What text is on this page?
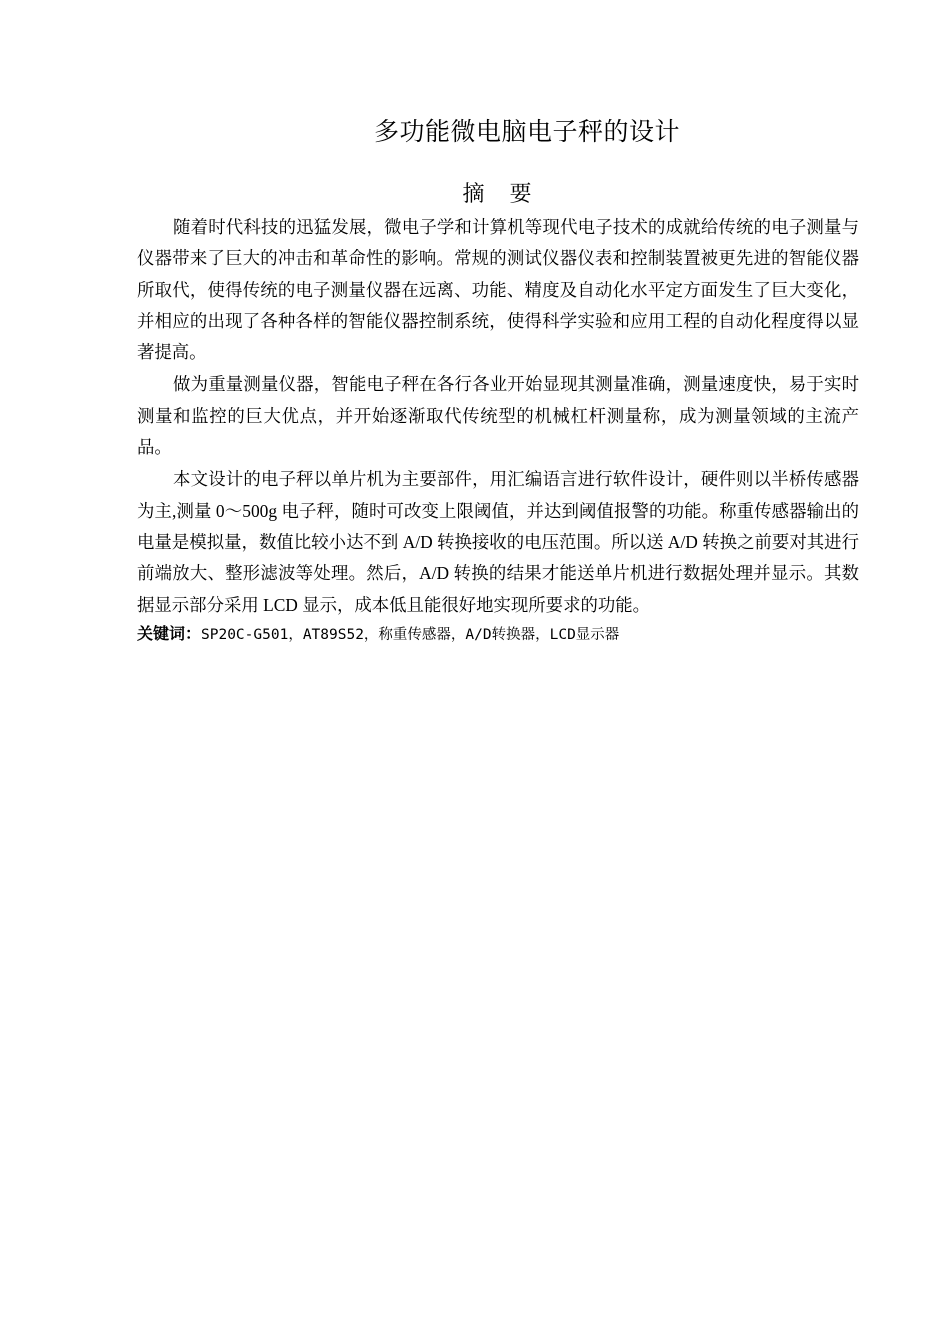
多功能微电脑电子秤的设计
摘 要

随着时代科技的迅猛发展，微电子学和计算机等现代电子技术的成就给传统的电子测量与仪器带来了巨大的冲击和革命性的影响。常规的测试仪器仪表和控制装置被更先进的智能仪器所取代，使得传统的电子测量仪器在远离、功能、精度及自动化水平定方面发生了巨大变化，并相应的出现了各种各样的智能仪器控制系统，使得科学实验和应用工程的自动化程度得以显著提高。

做为重量测量仪器，智能电子秤在各行各业开始显现其测量准确，测量速度快，易于实时测量和监控的巨大优点，并开始逐渐取代传统型的机械杠杆测量称，成为测量领域的主流产品。

本文设计的电子秤以单片机为主要部件，用汇编语言进行软件设计，硬件则以半桥传感器为主,测量 0～500g 电子秤，随时可改变上限阈值，并达到阈值报警的功能。称重传感器输出的电量是模拟量，数值比较小达不到 A/D 转换接收的电压范围。所以送 A/D 转换之前要对其进行前端放大、整形滤波等处理。然后，A/D 转换的结果才能送单片机进行数据处理并显示。其数据显示部分采用 LCD 显示，成本低且能很好地实现所要求的功能。

关键词：SP20C-G501，AT89S52，称重传感器，A/D转换器，LCD显示器
